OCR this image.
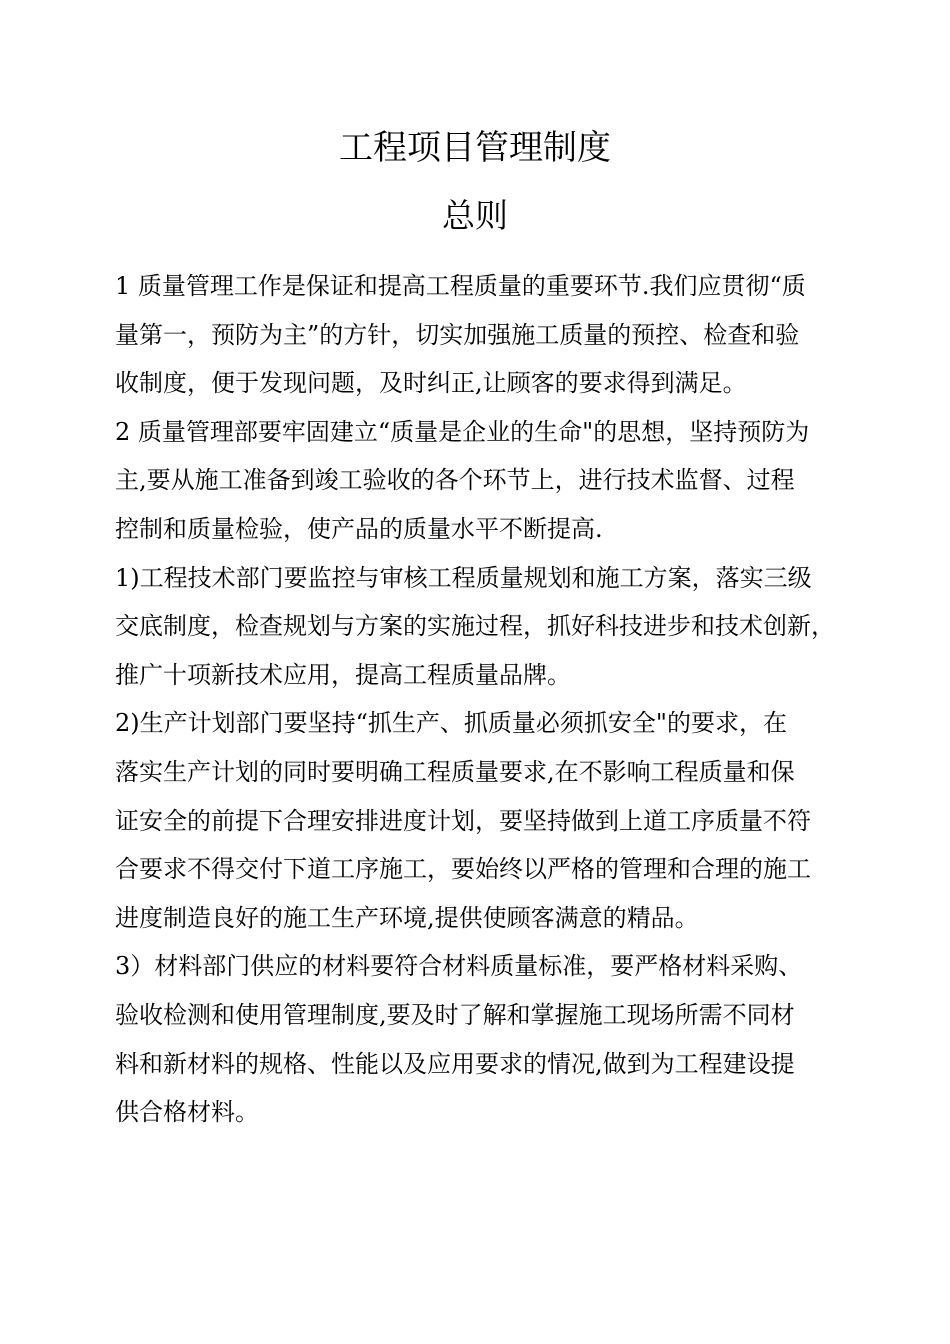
工程项目管理制度
总则
1 质量管理工作是保证和提高工程质量的重要环节.我们应贯彻“质
量第一，预防为主”的方针，切实加强施工质量的预控、检查和验
收制度，便于发现问题，及时纠正,让顾客的要求得到满足。
2 质量管理部要牢固建立“质量是企业的生命"的思想，坚持预防为
主,要从施工准备到竣工验收的各个环节上，进行技术监督、过程
控制和质量检验，使产品的质量水平不断提高.
1)工程技术部门要监控与审核工程质量规划和施工方案，落实三级
交底制度，检查规划与方案的实施过程，抓好科技进步和技术创新，
推广十项新技术应用，提高工程质量品牌。
2)生产计划部门要坚持“抓生产、抓质量必须抓安全"的要求，在
落实生产计划的同时要明确工程质量要求,在不影响工程质量和保
证安全的前提下合理安排进度计划，要坚持做到上道工序质量不符
合要求不得交付下道工序施工，要始终以严格的管理和合理的施工
进度制造良好的施工生产环境,提供使顾客满意的精品。
3）材料部门供应的材料要符合材料质量标准，要严格材料采购、
验收检测和使用管理制度,要及时了解和掌握施工现场所需不同材
料和新材料的规格、性能以及应用要求的情况,做到为工程建设提
供合格材料。
